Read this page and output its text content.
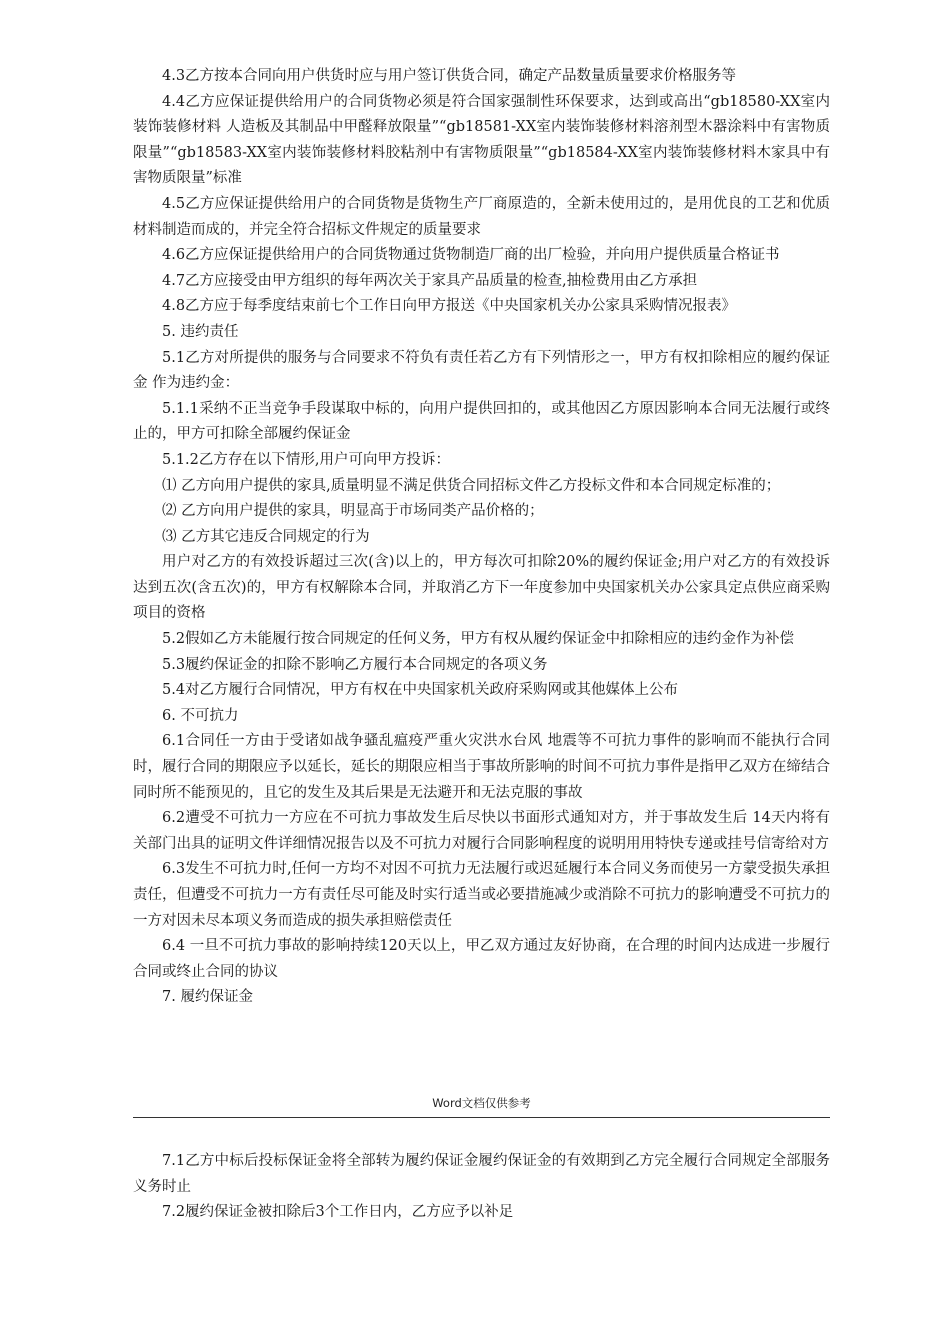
4.3乙方按本合同向用户供货时应与用户签订供货合同，确定产品数量质量要求价格服务等

4.4乙方应保证提供给用户的合同货物必须是符合国家强制性环保要求，达到或高出“gb18580-XX室内装饰装修材料 人造板及其制品中甲醛释放限量”“gb18581-XX室内装饰装修材料溶剂型木器涂料中有害物质限量”“gb18583-XX室内装饰装修材料胶粘剂中有害物质限量”“gb18584-XX室内装饰装修材料木家具中有害物质限量”标准

4.5乙方应保证提供给用户的合同货物是货物生产厂商原造的，全新未使用过的，是用优良的工艺和优质材料制造而成的，并完全符合招标文件规定的质量要求

4.6乙方应保证提供给用户的合同货物通过货物制造厂商的出厂检验，并向用户提供质量合格证书

4.7乙方应接受由甲方组织的每年两次关于家具产品质量的检查,抽检费用由乙方承担

4.8乙方应于每季度结束前七个工作日向甲方报送《中央国家机关办公家具采购情况报表》

5. 违约责任

5.1乙方对所提供的服务与合同要求不符负有责任若乙方有下列情形之一，甲方有权扣除相应的履约保证金 作为违约金：

5.1.1采纳不正当竞争手段谋取中标的，向用户提供回扣的，或其他因乙方原因影响本合同无法履行或终止的，甲方可扣除全部履约保证金

5.1.2乙方存在以下情形,用户可向甲方投诉：

⑴ 乙方向用户提供的家具,质量明显不满足供货合同招标文件乙方投标文件和本合同规定标准的；

⑵ 乙方向用户提供的家具，明显高于市场同类产品价格的；

⑶ 乙方其它违反合同规定的行为

用户对乙方的有效投诉超过三次(含)以上的，甲方每次可扣除20%的履约保证金;用户对乙方的有效投诉达到五次(含五次)的，甲方有权解除本合同，并取消乙方下一年度参加中央国家机关办公家具定点供应商采购项目的资格

5.2假如乙方未能履行按合同规定的任何义务，甲方有权从履约保证金中扣除相应的违约金作为补偿

5.3履约保证金的扣除不影响乙方履行本合同规定的各项义务

5.4对乙方履行合同情况，甲方有权在中央国家机关政府采购网或其他媒体上公布

6. 不可抗力

6.1合同任一方由于受诸如战争骚乱瘟疫严重火灾洪水台风 地震等不可抗力事件的影响而不能执行合同时，履行合同的期限应予以延长，延长的期限应相当于事故所影响的时间不可抗力事件是指甲乙双方在缔结合同时所不能预见的，且它的发生及其后果是无法避开和无法克服的事故

6.2遭受不可抗力一方应在不可抗力事故发生后尽快以书面形式通知对方，并于事故发生后 14天内将有关部门出具的证明文件详细情况报告以及不可抗力对履行合同影响程度的说明用用特快专递或挂号信寄给对方

6.3发生不可抗力时,任何一方均不对因不可抗力无法履行或迟延履行本合同义务而使另一方蒙受损失承担责任，但遭受不可抗力一方有责任尽可能及时实行适当或必要措施减少或消除不可抗力的影响遭受不可抗力的一方对因未尽本项义务而造成的损失承担赔偿责任

6.4 一旦不可抗力事故的影响持续120天以上，甲乙双方通过友好协商，在合理的时间内达成进一步履行合同或终止合同的协议

7. 履约保证金

Word文档仅供参考

7.1乙方中标后投标保证金将全部转为履约保证金履约保证金的有效期到乙方完全履行合同规定全部服务义务时止

7.2履约保证金被扣除后3个工作日内，乙方应予以补足
